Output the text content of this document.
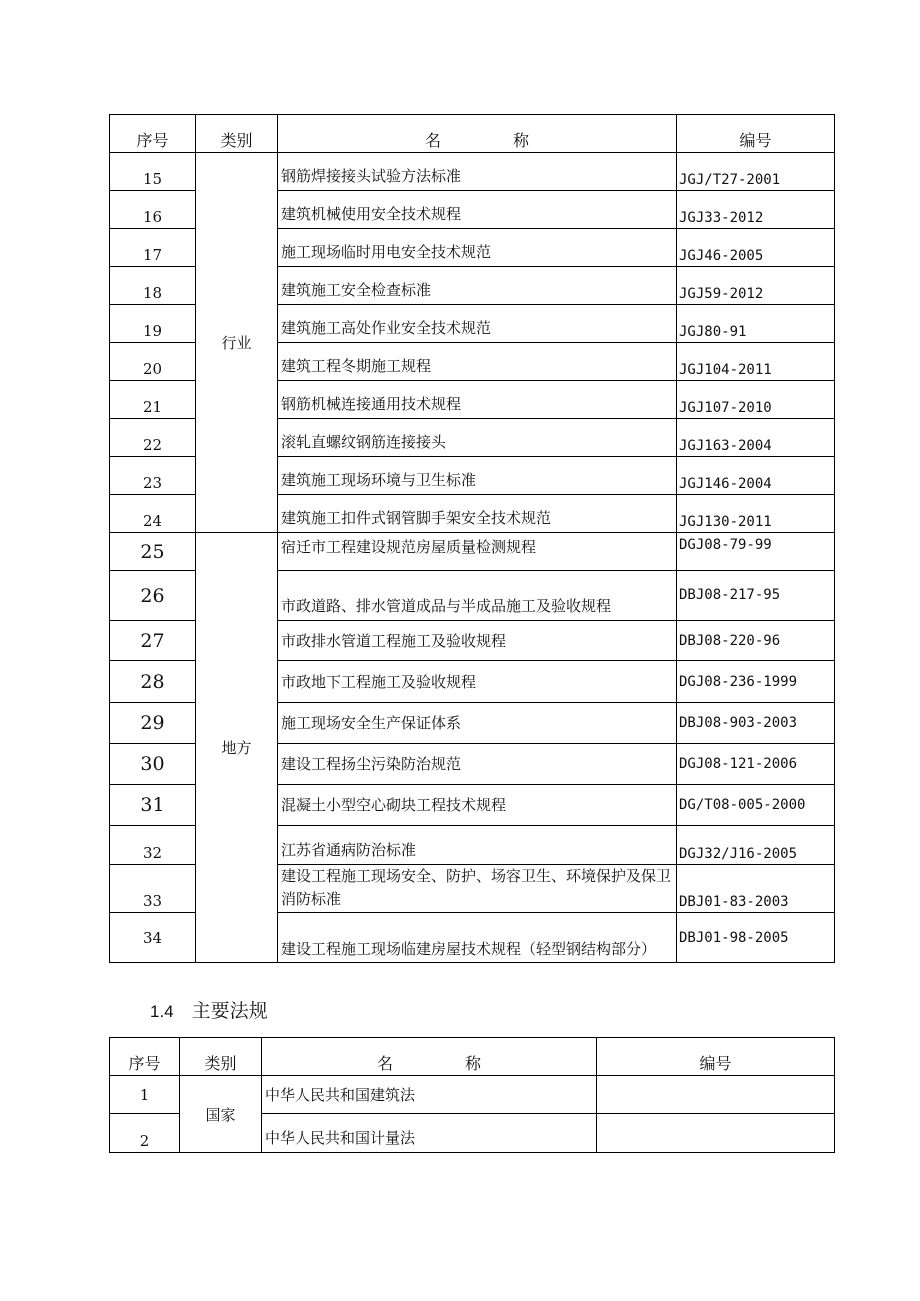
序号	类别	名 称	编号
15	行业	钢筋焊接接头试验方法标准	JGJ/T27-2001
16		建筑机械使用安全技术规程	JGJ33-2012
17		施工现场临时用电安全技术规范	JGJ46-2005
18		建筑施工安全检查标准	JGJ59-2012
19		建筑施工高处作业安全技术规范	JGJ80-91
20		建筑工程冬期施工规程	JGJ104-2011
21		钢筋机械连接通用技术规程	JGJ107-2010
22		滚轧直螺纹钢筋连接接头	JGJ163-2004
23		建筑施工现场环境与卫生标准	JGJ146-2004
24		建筑施工扣件式钢管脚手架安全技术规范	JGJ130-2011
25	地方	宿迁市工程建设规范房屋质量检测规程	DGJ08-79-99
26		市政道路、排水管道成品与半成品施工及验收规程	DBJ08-217-95
27		市政排水管道工程施工及验收规程	DBJ08-220-96
28		市政地下工程施工及验收规程	DGJ08-236-1999
29		施工现场安全生产保证体系	DBJ08-903-2003
30		建设工程扬尘污染防治规范	DGJ08-121-2006
31		混凝土小型空心砌块工程技术规程	DG/T08-005-2000
32		江苏省通病防治标准	DGJ32/J16-2005
33		建设工程施工现场安全、防护、场容卫生、环境保护及保卫消防标准	DBJ01-83-2003
34		建设工程施工现场临建房屋技术规程（轻型钢结构部分）	DBJ01-98-2005
1.4 主要法规
序号	类别	名 称	编号
1	国家	中华人民共和国建筑法	
2		中华人民共和国计量法	
